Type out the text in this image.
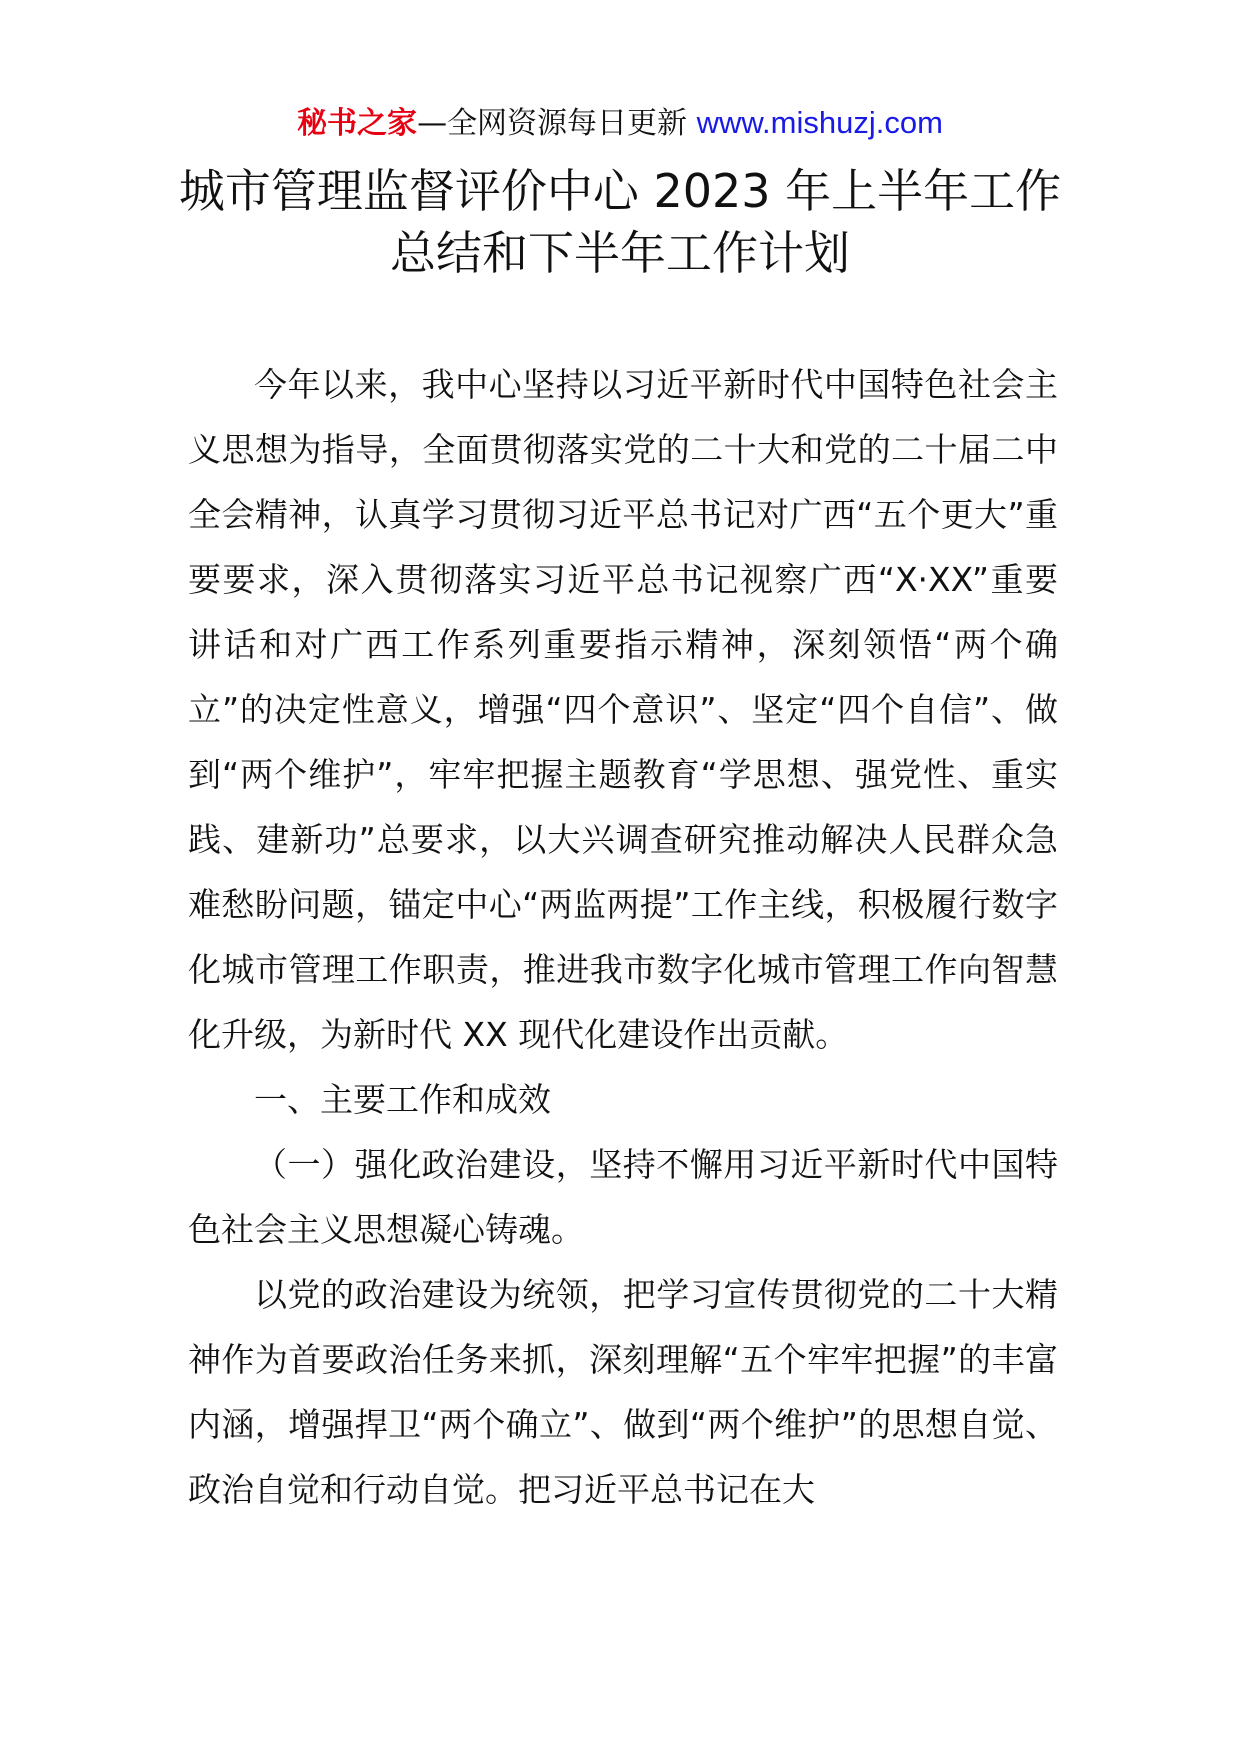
秘书之家—全网资源每日更新 www.mishuzj.com
城市管理监督评价中心 2023 年上半年工作
总结和下半年工作计划

今年以来，我中心坚持以习近平新时代中国特色社会主义思想为指导，全面贯彻落实党的二十大和党的二十届二中全会精神，认真学习贯彻习近平总书记对广西“五个更大”重要要求，深入贯彻落实习近平总书记视察广西“X·XX”重要讲话和对广西工作系列重要指示精神，深刻领悟“两个确立”的决定性意义，增强“四个意识”、坚定“四个自信”、做到“两个维护”，牢牢把握主题教育“学思想、强党性、重实践、建新功”总要求，以大兴调查研究推动解决人民群众急难愁盼问题，锚定中心“两监两提”工作主线，积极履行数字化城市管理工作职责，推进我市数字化城市管理工作向智慧化升级，为新时代 XX 现代化建设作出贡献。

一、主要工作和成效

（一）强化政治建设，坚持不懈用习近平新时代中国特色社会主义思想凝心铸魂。

以党的政治建设为统领，把学习宣传贯彻党的二十大精神作为首要政治任务来抓，深刻理解“五个牢牢把握”的丰富内涵，增强捍卫“两个确立”、做到“两个维护”的思想自觉、政治自觉和行动自觉。把习近平总书记在大
